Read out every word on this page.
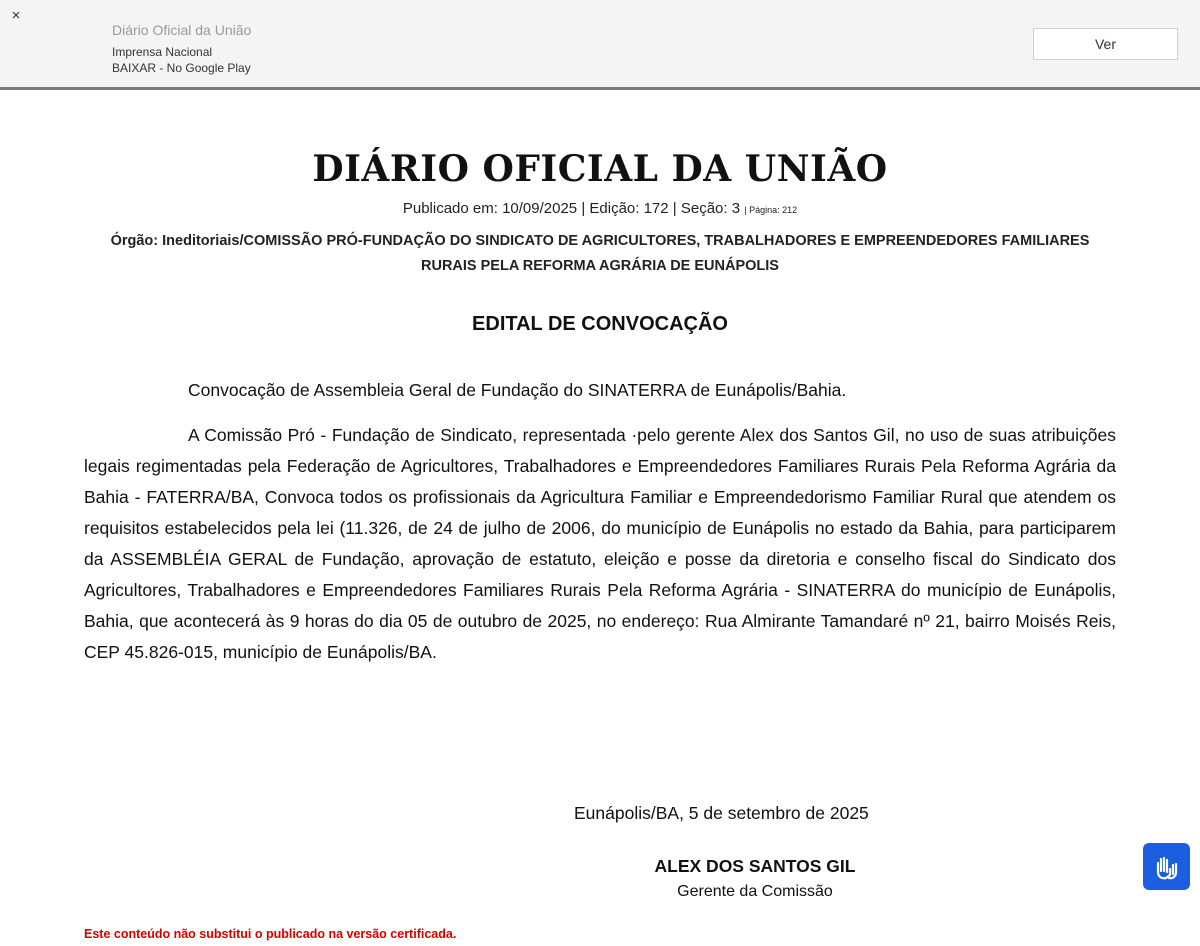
×
Diário Oficial da União
Imprensa Nacional
BAIXAR - No Google Play
Ver
DIÁRIO OFICIAL DA UNIÃO
Publicado em: 10/09/2025 | Edição: 172 | Seção: 3 | Página: 212
Órgão: Ineditoriais/COMISSÃO PRÓ-FUNDAÇÃO DO SINDICATO DE AGRICULTORES, TRABALHADORES E EMPREENDEDORES FAMILIARES RURAIS PELA REFORMA AGRÁRIA DE EUNÁPOLIS
EDITAL DE CONVOCAÇÃO
Convocação de Assembleia Geral de Fundação do SINATERRA de Eunápolis/Bahia.
A Comissão Pró - Fundação de Sindicato, representada ·pelo gerente Alex dos Santos Gil, no uso de suas atribuições legais regimentadas pela Federação de Agricultores, Trabalhadores e Empreendedores Familiares Rurais Pela Reforma Agrária da Bahia - FATERRA/BA, Convoca todos os profissionais da Agricultura Familiar e Empreendedorismo Familiar Rural que atendem os requisitos estabelecidos pela lei (11.326, de 24 de julho de 2006, do município de Eunápolis no estado da Bahia, para participarem da ASSEMBLÉIA GERAL de Fundação, aprovação de estatuto, eleição e posse da diretoria e conselho fiscal do Sindicato dos Agricultores, Trabalhadores e Empreendedores Familiares Rurais Pela Reforma Agrária - SINATERRA do município de Eunápolis, Bahia, que acontecerá às 9 horas do dia 05 de outubro de 2025, no endereço: Rua Almirante Tamandaré nº 21, bairro Moisés Reis, CEP 45.826-015, município de Eunápolis/BA.
Eunápolis/BA, 5 de setembro de 2025
ALEX DOS SANTOS GIL
Gerente da Comissão
Este conteúdo não substitui o publicado na versão certificada.
